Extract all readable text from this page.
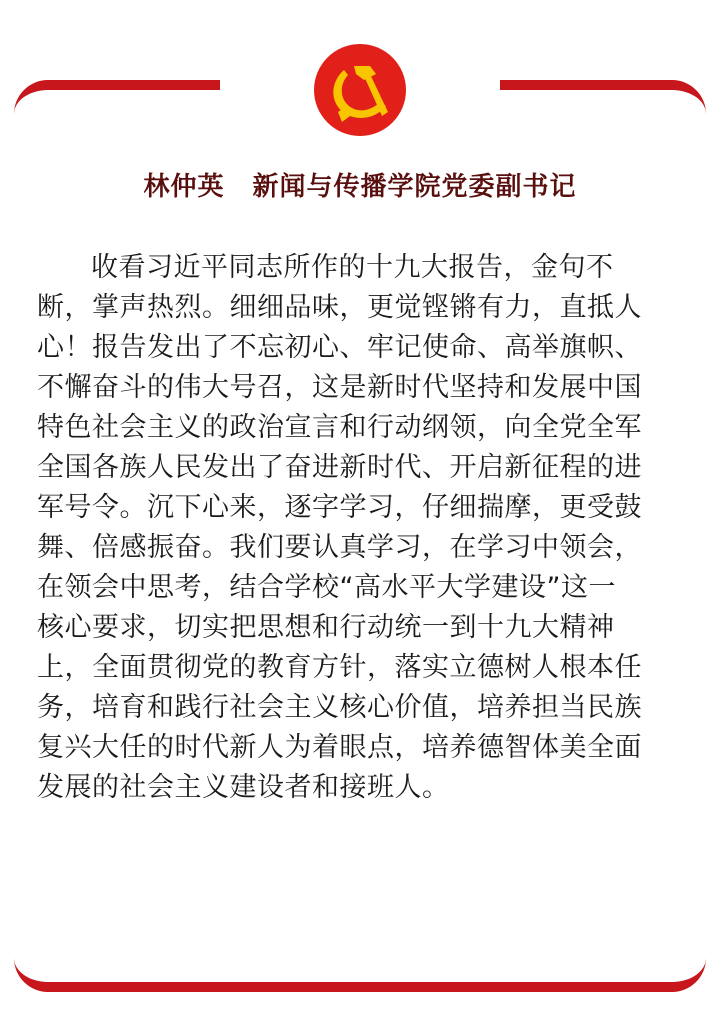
林仲英 新闻与传播学院党委副书记
收看习近平同志所作的十九大报告，金句不
断，掌声热烈。细细品味，更觉铿锵有力，直抵人
心！报告发出了不忘初心、牢记使命、高举旗帜、
不懈奋斗的伟大号召，这是新时代坚持和发展中国
特色社会主义的政治宣言和行动纲领，向全党全军
全国各族人民发出了奋进新时代、开启新征程的进
军号令。沉下心来，逐字学习，仔细揣摩，更受鼓
舞、倍感振奋。我们要认真学习，在学习中领会，
在领会中思考，结合学校“高水平大学建设”这一
核心要求，切实把思想和行动统一到十九大精神
上，全面贯彻党的教育方针，落实立德树人根本任
务，培育和践行社会主义核心价值，培养担当民族
复兴大任的时代新人为着眼点，培养德智体美全面
发展的社会主义建设者和接班人。
